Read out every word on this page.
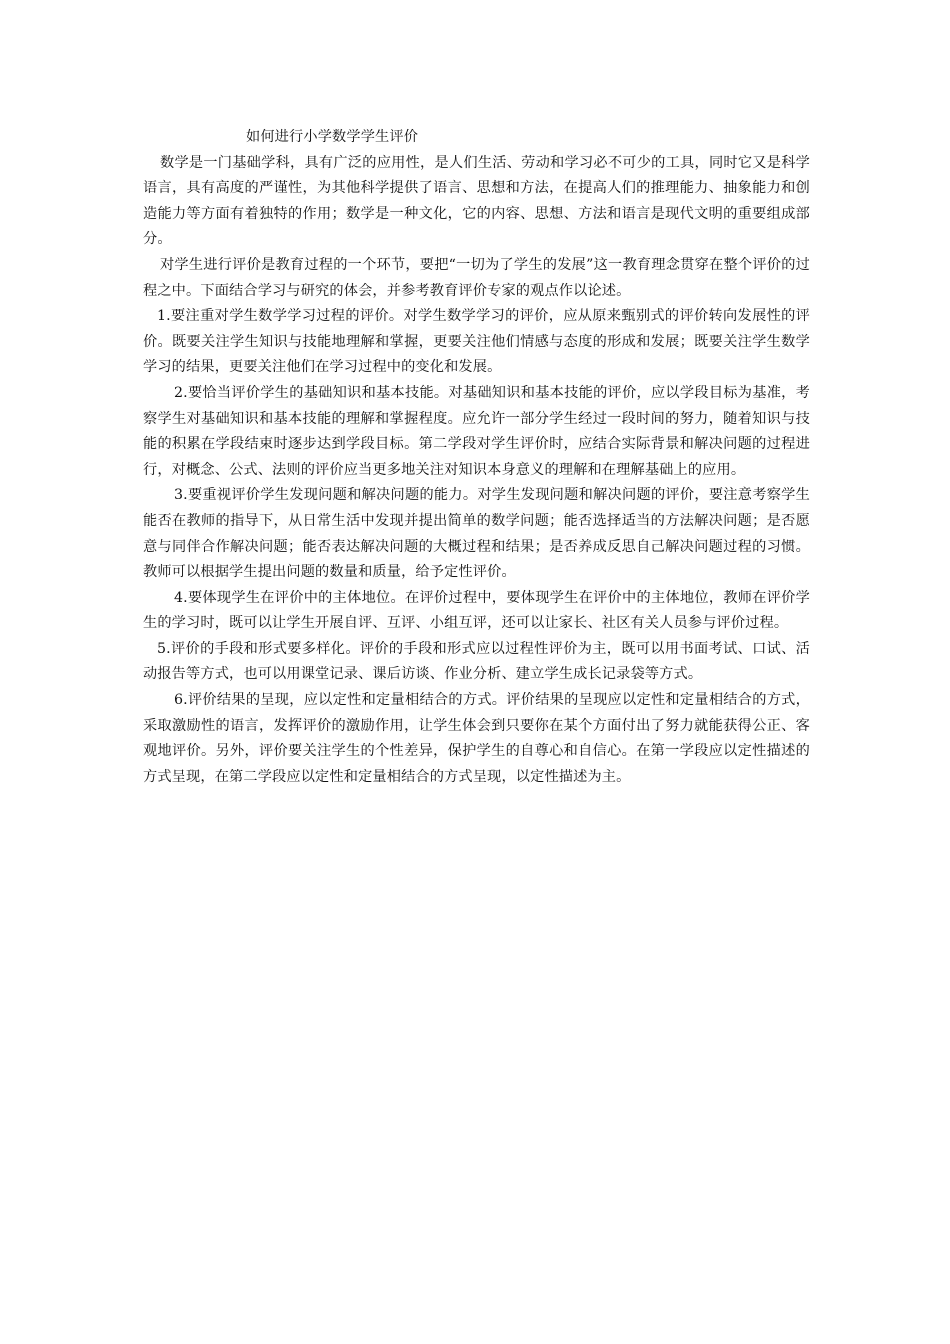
如何进行小学数学学生评价

数学是一门基础学科，具有广泛的应用性，是人们生活、劳动和学习必不可少的工具，同时它又是科学语言，具有高度的严谨性，为其他科学提供了语言、思想和方法，在提高人们的推理能力、抽象能力和创造能力等方面有着独特的作用；数学是一种文化，它的内容、思想、方法和语言是现代文明的重要组成部分。

对学生进行评价是教育过程的一个环节，要把“一切为了学生的发展”这一教育理念贯穿在整个评价的过程之中。下面结合学习与研究的体会，并参考教育评价专家的观点作以论述。

1.要注重对学生数学学习过程的评价。对学生数学学习的评价，应从原来甄别式的评价转向发展性的评价。既要关注学生知识与技能地理解和掌握，更要关注他们情感与态度的形成和发展；既要关注学生数学学习的结果，更要关注他们在学习过程中的变化和发展。

2.要恰当评价学生的基础知识和基本技能。对基础知识和基本技能的评价，应以学段目标为基准，考察学生对基础知识和基本技能的理解和掌握程度。应允许一部分学生经过一段时间的努力，随着知识与技能的积累在学段结束时逐步达到学段目标。第二学段对学生评价时，应结合实际背景和解决问题的过程进行，对概念、公式、法则的评价应当更多地关注对知识本身意义的理解和在理解基础上的应用。

3.要重视评价学生发现问题和解决问题的能力。对学生发现问题和解决问题的评价，要注意考察学生能否在教师的指导下，从日常生活中发现并提出简单的数学问题；能否选择适当的方法解决问题；是否愿意与同伴合作解决问题；能否表达解决问题的大概过程和结果；是否养成反思自己解决问题过程的习惯。教师可以根据学生提出问题的数量和质量，给予定性评价。

4.要体现学生在评价中的主体地位。在评价过程中，要体现学生在评价中的主体地位，教师在评价学生的学习时，既可以让学生开展自评、互评、小组互评，还可以让家长、社区有关人员参与评价过程。

5.评价的手段和形式要多样化。评价的手段和形式应以过程性评价为主，既可以用书面考试、口试、活动报告等方式，也可以用课堂记录、课后访谈、作业分析、建立学生成长记录袋等方式。

6.评价结果的呈现，应以定性和定量相结合的方式。评价结果的呈现应以定性和定量相结合的方式，采取激励性的语言，发挥评价的激励作用，让学生体会到只要你在某个方面付出了努力就能获得公正、客观地评价。另外，评价要关注学生的个性差异，保护学生的自尊心和自信心。在第一学段应以定性描述的方式呈现，在第二学段应以定性和定量相结合的方式呈现，以定性描述为主。
